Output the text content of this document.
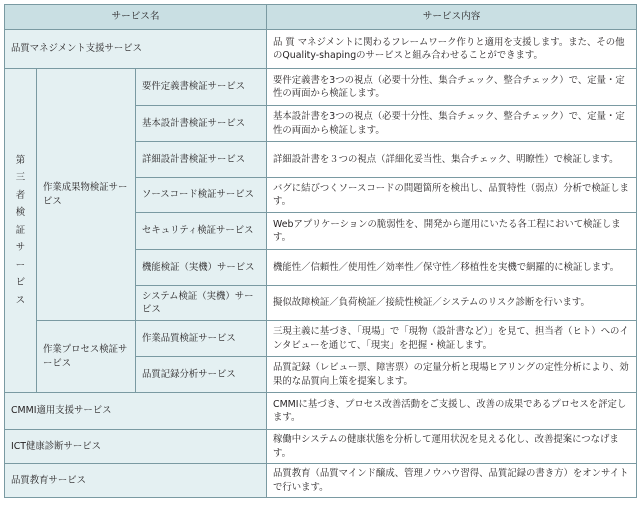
サービス名			サービス内容
品質マネジメント支援サービス			品 質 マネジメントに関わるフレームワーク作りと適用を支援します。また、その他のQuality-shapingのサービスと組み合わせることができます。
第三者検証サービス	作業成果物検証サービス	要件定義書検証サービス	要件定義書を3つの視点（必要十分性、集合チェック、整合チェック）で、定量・定性の両面から検証します。
		基本設計書検証サービス	基本設計書を3つの視点（必要十分性、集合チェック、整合チェック）で、定量・定性の両面から検証します。
		詳細設計書検証サービス	詳細設計書を３つの視点（詳細化妥当性、集合チェック、明瞭性）で検証します。
		ソースコード検証サービス	バグに結びつくソースコードの問題箇所を検出し、品質特性（弱点）分析で検証します。
		セキュリティ検証サービス	Webアプリケーションの脆弱性を、開発から運用にいたる各工程において検証します。
		機能検証（実機）サービス	機能性／信頼性／使用性／効率性／保守性／移植性を実機で網羅的に検証します。
		システム検証（実機）サービス	擬似故障検証／負荷検証／接続性検証／システムのリスク診断を行います。
	作業プロセス検証サービス	作業品質検証サービス	三現主義に基づき、「現場」で「現物（設計書など）」を見て、担当者（ヒト）へのインタビューを通じて、「現実」を把握・検証します。
		品質記録分析サービス	品質記録（レビュー票、障害票）の定量分析と現場ヒアリングの定性分析により、効果的な品質向上策を提案します。
CMMI適用支援サービス			CMMIに基づき、プロセス改善活動をご支援し、改善の成果であるプロセスを評定します。
ICT健康診断サービス			稼働中システムの健康状態を分析して運用状況を見える化し、改善提案につなげます。
品質教育サービス			品質教育（品質マインド醸成、管理ノウハウ習得、品質記録の書き方）をオンサイトで行います。
